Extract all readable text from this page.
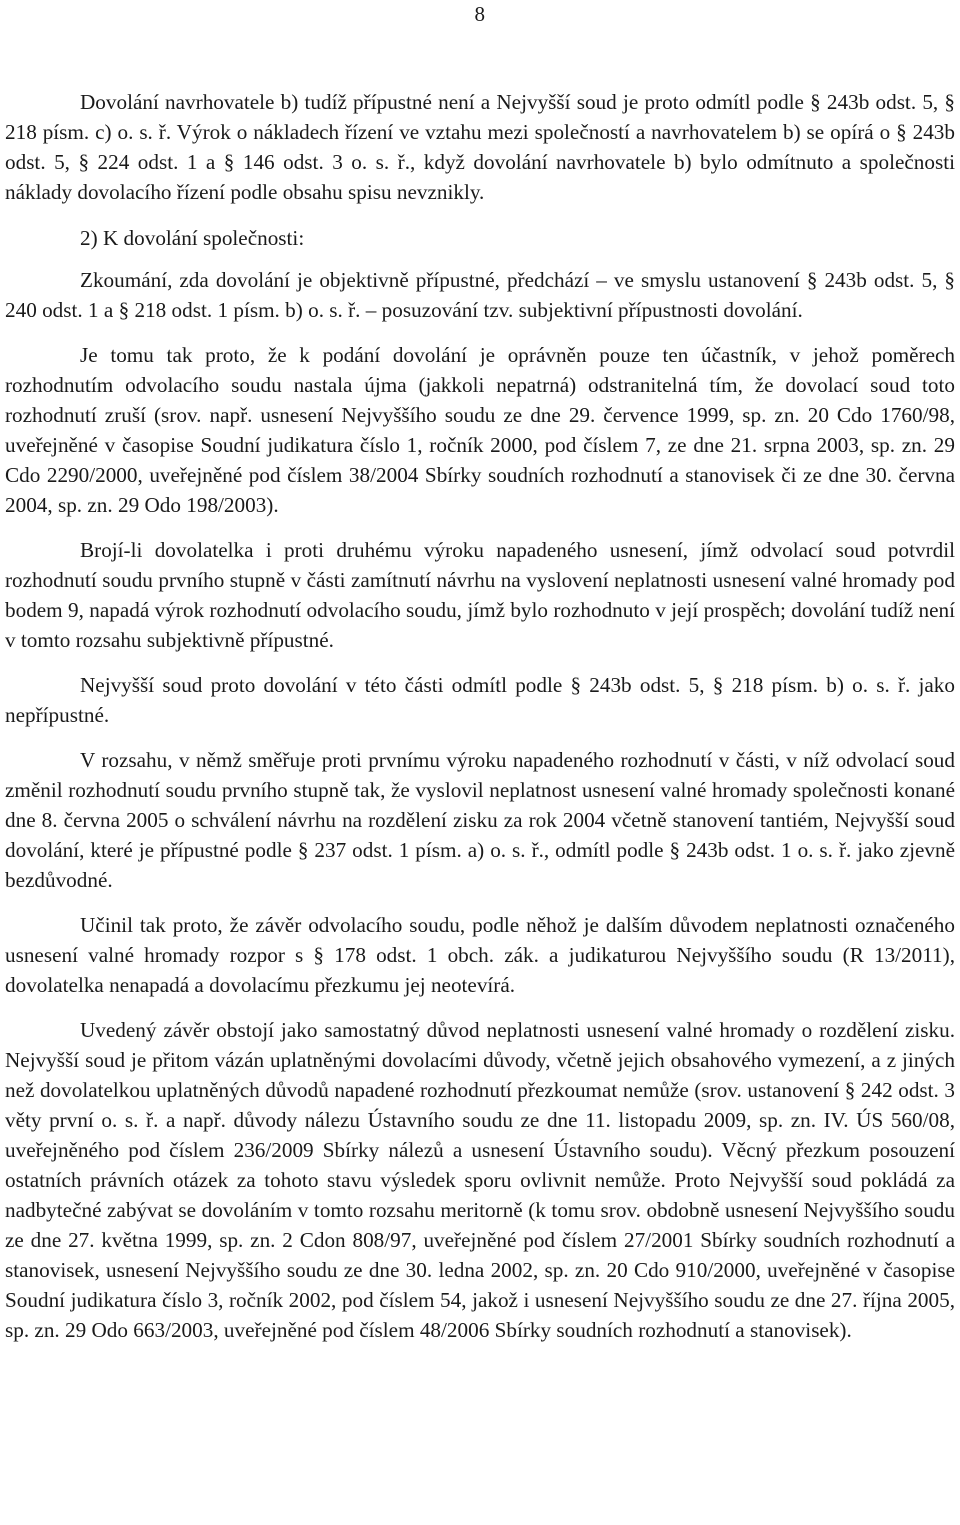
8

Dovolání navrhovatele b) tudíž přípustné není a Nejvyšší soud je proto odmítl podle § 243b odst. 5, § 218 písm. c) o. s. ř. Výrok o nákladech řízení ve vztahu mezi společností a navrhovatelem b) se opírá o § 243b odst. 5, § 224 odst. 1 a § 146 odst. 3 o. s. ř., když dovolání navrhovatele b) bylo odmítnuto a společnosti náklady dovolacího řízení podle obsahu spisu nevznikly.

2) K dovolání společnosti:

Zkoumání, zda dovolání je objektivně přípustné, předchází – ve smyslu ustanovení § 243b odst. 5, § 240 odst. 1 a § 218 odst. 1 písm. b) o. s. ř. – posuzování tzv. subjektivní přípustnosti dovolání.

Je tomu tak proto, že k podání dovolání je oprávněn pouze ten účastník, v jehož poměrech rozhodnutím odvolacího soudu nastala újma (jakkoli nepatrná) odstranitelná tím, že dovolací soud toto rozhodnutí zruší (srov. např. usnesení Nejvyššího soudu ze dne 29. července 1999, sp. zn. 20 Cdo 1760/98, uveřejněné v časopise Soudní judikatura číslo 1, ročník 2000, pod číslem 7, ze dne 21. srpna 2003, sp. zn. 29 Cdo 2290/2000, uveřejněné pod číslem 38/2004 Sbírky soudních rozhodnutí a stanovisek či ze dne 30. června 2004, sp. zn. 29 Odo 198/2003).

Brojí-li dovolatelka i proti druhému výroku napadeného usnesení, jímž odvolací soud potvrdil rozhodnutí soudu prvního stupně v části zamítnutí návrhu na vyslovení neplatnosti usnesení valné hromady pod bodem 9, napadá výrok rozhodnutí odvolacího soudu, jímž bylo rozhodnuto v její prospěch; dovolání tudíž není v tomto rozsahu subjektivně přípustné.

Nejvyšší soud proto dovolání v této části odmítl podle § 243b odst. 5, § 218 písm. b) o. s. ř. jako nepřípustné.

V rozsahu, v němž směřuje proti prvnímu výroku napadeného rozhodnutí v části, v níž odvolací soud změnil rozhodnutí soudu prvního stupně tak, že vyslovil neplatnost usnesení valné hromady společnosti konané dne 8. června 2005 o schválení návrhu na rozdělení zisku za rok 2004 včetně stanovení tantiém, Nejvyšší soud dovolání, které je přípustné podle § 237 odst. 1 písm. a) o. s. ř., odmítl podle § 243b odst. 1 o. s. ř. jako zjevně bezdůvodné.

Učinil tak proto, že závěr odvolacího soudu, podle něhož je dalším důvodem neplatnosti označeného usnesení valné hromady rozpor s § 178 odst. 1 obch. zák. a judikaturou Nejvyššího soudu (R 13/2011), dovolatelka nenapadá a dovolacímu přezkumu jej neotevírá.

Uvedený závěr obstojí jako samostatný důvod neplatnosti usnesení valné hromady o rozdělení zisku. Nejvyšší soud je přitom vázán uplatněnými dovolacími důvody, včetně jejich obsahového vymezení, a z jiných než dovolatelkou uplatněných důvodů napadené rozhodnutí přezkoumat nemůže (srov. ustanovení § 242 odst. 3 věty první o. s. ř. a např. důvody nálezu Ústavního soudu ze dne 11. listopadu 2009, sp. zn. IV. ÚS 560/08, uveřejněného pod číslem 236/2009 Sbírky nálezů a usnesení Ústavního soudu). Věcný přezkum posouzení ostatních právních otázek za tohoto stavu výsledek sporu ovlivnit nemůže. Proto Nejvyšší soud pokládá za nadbytečné zabývat se dovoláním v tomto rozsahu meritorně (k tomu srov. obdobně usnesení Nejvyššího soudu ze dne 27. května 1999, sp. zn. 2 Cdon 808/97, uveřejněné pod číslem 27/2001 Sbírky soudních rozhodnutí a stanovisek, usnesení Nejvyššího soudu ze dne 30. ledna 2002, sp. zn. 20 Cdo 910/2000, uveřejněné v časopise Soudní judikatura číslo 3, ročník 2002, pod číslem 54, jakož i usnesení Nejvyššího soudu ze dne 27. října 2005, sp. zn. 29 Odo 663/2003, uveřejněné pod číslem 48/2006 Sbírky soudních rozhodnutí a stanovisek).
